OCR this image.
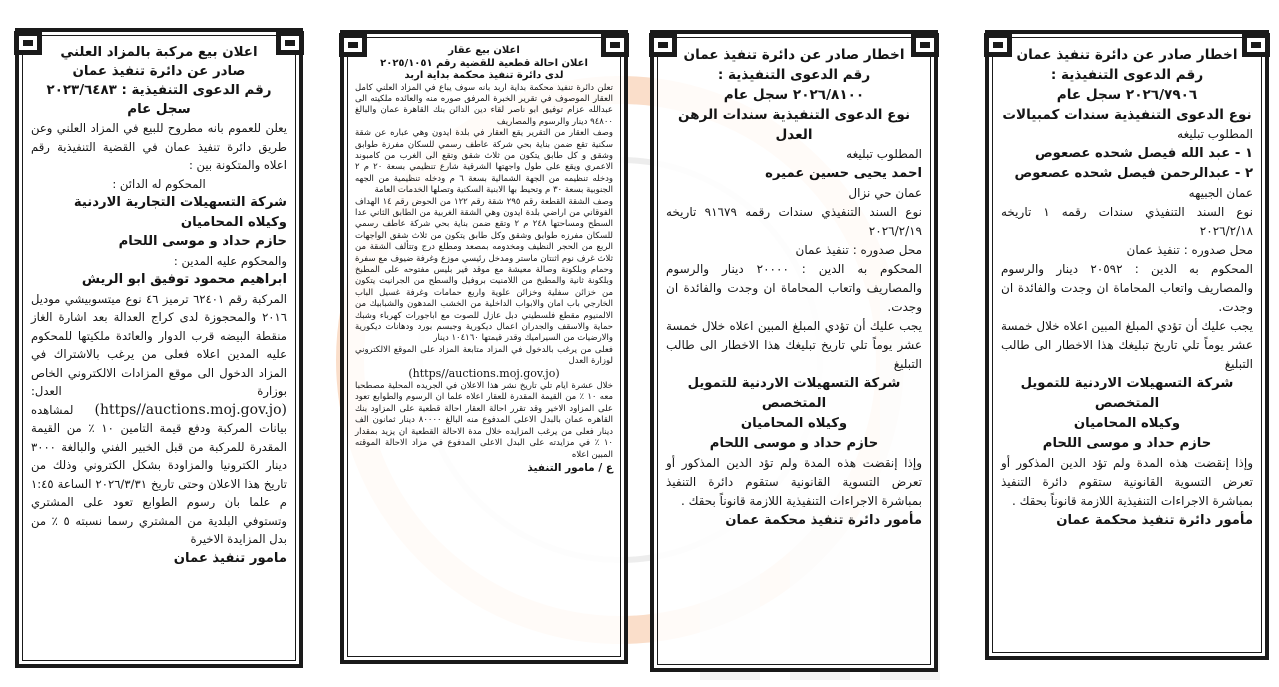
اعلان بيع مركبة بالمزاد العلني

صادر عن دائرة تنفيذ عمان

رقم الدعوى التنفيذية : ٢٠٢٣/٦٤٨٣

سجل عام

يعلن للعموم بانه مطروح للبيع في المزاد العلني وعن طريق دائرة تنفيذ عمان في القضية التنفيذية رقم اعلاه والمتكونة بين :

المحكوم له الدائن :

شركة التسهيلات التجارية الاردنية

وكيلاه المحاميان

حازم حداد و موسى اللحام

والمحكوم عليه المدين :

ابراهيم محمود توفيق ابو الريش

المركبة رقم ٦٢٤٠١ ترميز ٤٦ نوع ميتسوبيشي موديل ٢٠١٦ والمحجوزة لدى كراج العدالة بعد اشارة الغاز منقطة البيضه قرب الدوار والعائدة ملكيتها للمحكوم عليه المدين اعلاه فعلى من يرغب بالاشتراك في المزاد الدخول الى موقع المزادات الالكتروني الخاص بوزارة العدل: (https//auctions.moj.gov.jo) لمشاهده بيانات المركبة ودفع قيمة التامين ١٠ ٪ من القيمة المقدرة للمركبة من قبل الخبير الفني والبالغة ٣٠٠٠ دينار الكترونيا والمزاودة بشكل الكتروني وذلك من تاريخ هذا الاعلان وحتى تاريخ ٢٠٢٦/٣/٣١ الساعة ١:٤٥ م علما بان رسوم الطوابع تعود على المشتري وتستوفي البلدية من المشتري رسما نسبته ٥ ٪ من بدل المزايدة الاخيرة

مامور تنفيذ عمان

اعلان بيع عقار

اعلان احالة قطعية للقضية رقم ٢٠٢٥/١٠٥١

لدى دائرة تنفيذ محكمة بداية اربد

تعلن دائرة تنفيذ محكمة بداية اربد بانه سوف يباع في المزاد العلني كامل العقار الموصوف في تقرير الخبرة المرفق صوره منه والعائده ملكيته الى عبدالله عزام توفيق ابو ناصر لقاء دين الدائن بنك القاهرة عمان والبالغ ٩٤٨٠٠ دينار والرسوم والمصاريف

وصف العقار من التقرير يقع العقار في بلدة ايدون وهي عباره عن شقة سكنية تقع ضمن بناية بحي شركة عاطف رسمي للسكان مفرزة طوابق وشقق و كل طابق يتكون من ثلاث شقق وتقع الى الغرب من كامبوند الاعمري ويقع على طول واجهتها الشرقية شارع تنظيمي بسعة ٢٠ م ٢ ودخله تنظيمه من الجهة الشمالية بسعة ٦ م ودخله تنظيمية من الجهه الجنوبية بسعة ٣٠ م وتحيط بها الابنية السكنية وتصلها الخدمات العامة

وصف الشقة القطعة رقم ٢٩٥ شقة رقم ١٢٢ من الحوض رقم ١٤ الهداف الفوقاني من اراضي بلدة ايدون وهي الشقة الغربية من الطابق الثاني عدا السطح ومساحتها ٢٤٨ م ٢ وتقع ضمن بناية بحي شركة عاطف رسمي للسكان مفرزه طوابق وشقق وكل طابق يتكون من ثلاث شقق الواجهات الربع من الحجر النظيف ومخدومه بمصعد ومطلع درج وتتألف الشقة من ثلاث غرف نوم اثنتان ماستر ومدخل رئيسي موزع وغرفة ضيوف مع سفرة وحمام وبلكونة وصالة معيشة مع موقد فير بليس مفتوحه على المطبخ وبلكونة ثانية والمطبخ من اللامنيت بروفيل والسطح من الجرانيت يتكون من خزائن سفلية وخزائن علوية واربع حمامات وغرفة غسيل الباب الخارجي باب امان والابواب الداخلية من الخشب المدهون والشبابيك من الالمنيوم مقطع فلسطيني دبل عازل للصوت مع اباجورات كهرباء وشبك حماية والاسقف والجدران اعمال ديكورية وجبسم بورد ودهانات ديكورية والارضيات من السيراميك وقدر قيمتها ١٠٤١٦٠ دينار

فعلى من يرغب بالدخول في المزاد متابعة المزاد على الموقع الالكتروني لوزارة العدل

(https//auctions.moj.gov.jo)

خلال عشرة ايام تلي تاريخ نشر هذا الاعلان في الجريده المحلية مصطحبا معه ١٠ ٪ من القيمة المقدرة للعقار اعلاه علما ان الرسوم والطوابع تعود على المزاود الاخير وقد تقرر احالة العقار احالة قطعية على المزاود بنك القاهره عمان بالبدل الاعلى المدفوع منه البالغ ٨٠٠٠٠ دينار ثمانون الف دينار فعلى من يرغب المزايده خلال مدة الاحالة القطعية ان يزيد بمقدار ١٠ ٪ في مزايدته على البدل الاعلى المدفوع في مزاد الاحالة الموقته المبين اعلاه

ع / مامور التنفيذ

اخطار صادر عن دائرة تنفيذ عمان

رقم الدعوى التنفيذية :

٢٠٢٦/٨١٠٠ سجل عام

نوع الدعوى التنفيذية سندات الرهن العدل

المطلوب تبليغه

احمد يحيى حسين عميره

عمان حي نزال

نوع السند التنفيذي سندات رقمه ٩١٦٧٩ تاريخه ٢٠٢٦/٢/١٩

محل صدوره : تنفيذ عمان

المحكوم به الدين : ٢٠٠٠٠ دينار والرسوم والمصاريف واتعاب المحاماة ان وجدت والفائدة ان وجدت.

يجب عليك أن تؤدي المبلغ المبين اعلاه خلال خمسة عشر يوماً تلي تاريخ تبليغك هذا الاخطار الى طالب التبليغ

شركة التسهيلات الاردنية للتمويل المتخصص

وكيلاه المحاميان

حازم حداد و موسى اللحام

وإذا إنقضت هذه المدة ولم تؤد الدين المذكور أو تعرض التسوية القانونية ستقوم دائرة التنفيذ بمباشرة الاجراءات التنفيذية اللازمة قانوناً بحقك .

مأمور دائرة تنفيذ محكمة عمان

اخطار صادر عن دائرة تنفيذ عمان

رقم الدعوى التنفيذية :

٢٠٢٦/٧٩٠٦ سجل عام

نوع الدعوى التنفيذية سندات كمبيالات

المطلوب تبليغه

١ - عبد الله فيصل شحده عصعوص

٢ - عبدالرحمن فيصل شحده عصعوص

عمان الجبيهه

نوع السند التنفيذي سندات رقمه ١ تاريخه ٢٠٢٦/٢/١٨

محل صدوره : تنفيذ عمان

المحكوم به الدين : ٢٠٥٩٢ دينار والرسوم والمصاريف واتعاب المحاماة ان وجدت والفائدة ان وجدت.

يجب عليك أن تؤدي المبلغ المبين اعلاه خلال خمسة عشر يوماً تلي تاريخ تبليغك هذا الاخطار الى طالب التبليغ

شركة التسهيلات الاردنية للتمويل المتخصص

وكيلاه المحاميان

حازم حداد و موسى اللحام

وإذا إنقضت هذه المدة ولم تؤد الدين المذكور أو تعرض التسوية القانونية ستقوم دائرة التنفيذ بمباشرة الاجراءات التنفيذية اللازمة قانوناً بحقك .

مأمور دائرة تنفيذ محكمة عمان
